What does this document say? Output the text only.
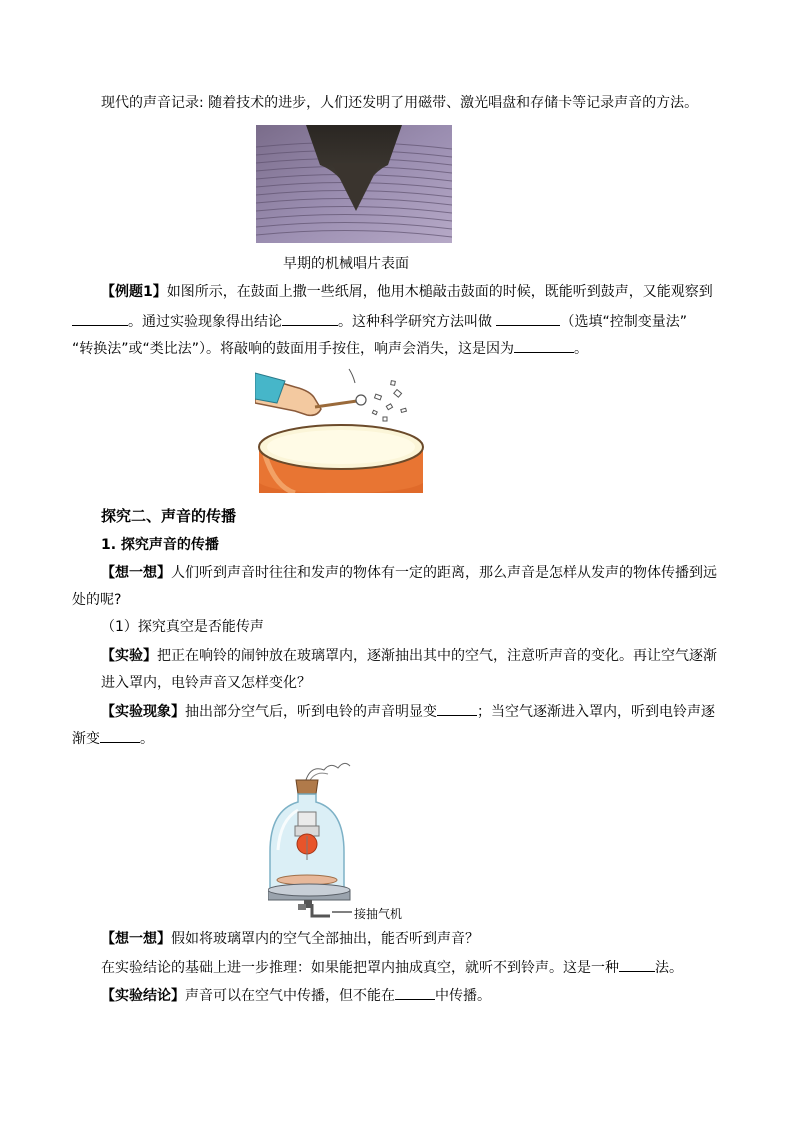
现代的声音记录: 随着技术的进步，人们还发明了用磁带、激光唱盘和存储卡等记录声音的方法。
早期的机械唱片表面
【例题1】如图所示，在鼓面上撒一些纸屑，他用木槌敲击鼓面的时候，既能听到鼓声，又能观察到
。通过实验现象得出结论	。这种科学研究方法叫做	（选填“控制变量法”
“转换法”或“类比法”）。将敲响的鼓面用手按住，响声会消失，这是因为	。
探究二、声音的传播
1. 探究声音的传播
【想一想】人们听到声音时往往和发声的物体有一定的距离，那么声音是怎样从发声的物体传播到远
处的呢?
（1）探究真空是否能传声
【实验】把正在响铃的闹钟放在玻璃罩内，逐渐抽出其中的空气，注意听声音的变化。再让空气逐渐
进入罩内，电铃声音又怎样变化？
【实验现象】抽出部分空气后，听到电铃的声音明显变	；当空气逐渐进入罩内，听到电铃声逐
渐变	。
接抽气机
【想一想】假如将玻璃罩内的空气全部抽出，能否听到声音？
在实验结论的基础上进一步推理：如果能把罩内抽成真空，就听不到铃声。这是一种	法。
【实验结论】声音可以在空气中传播，但不能在	中传播。
